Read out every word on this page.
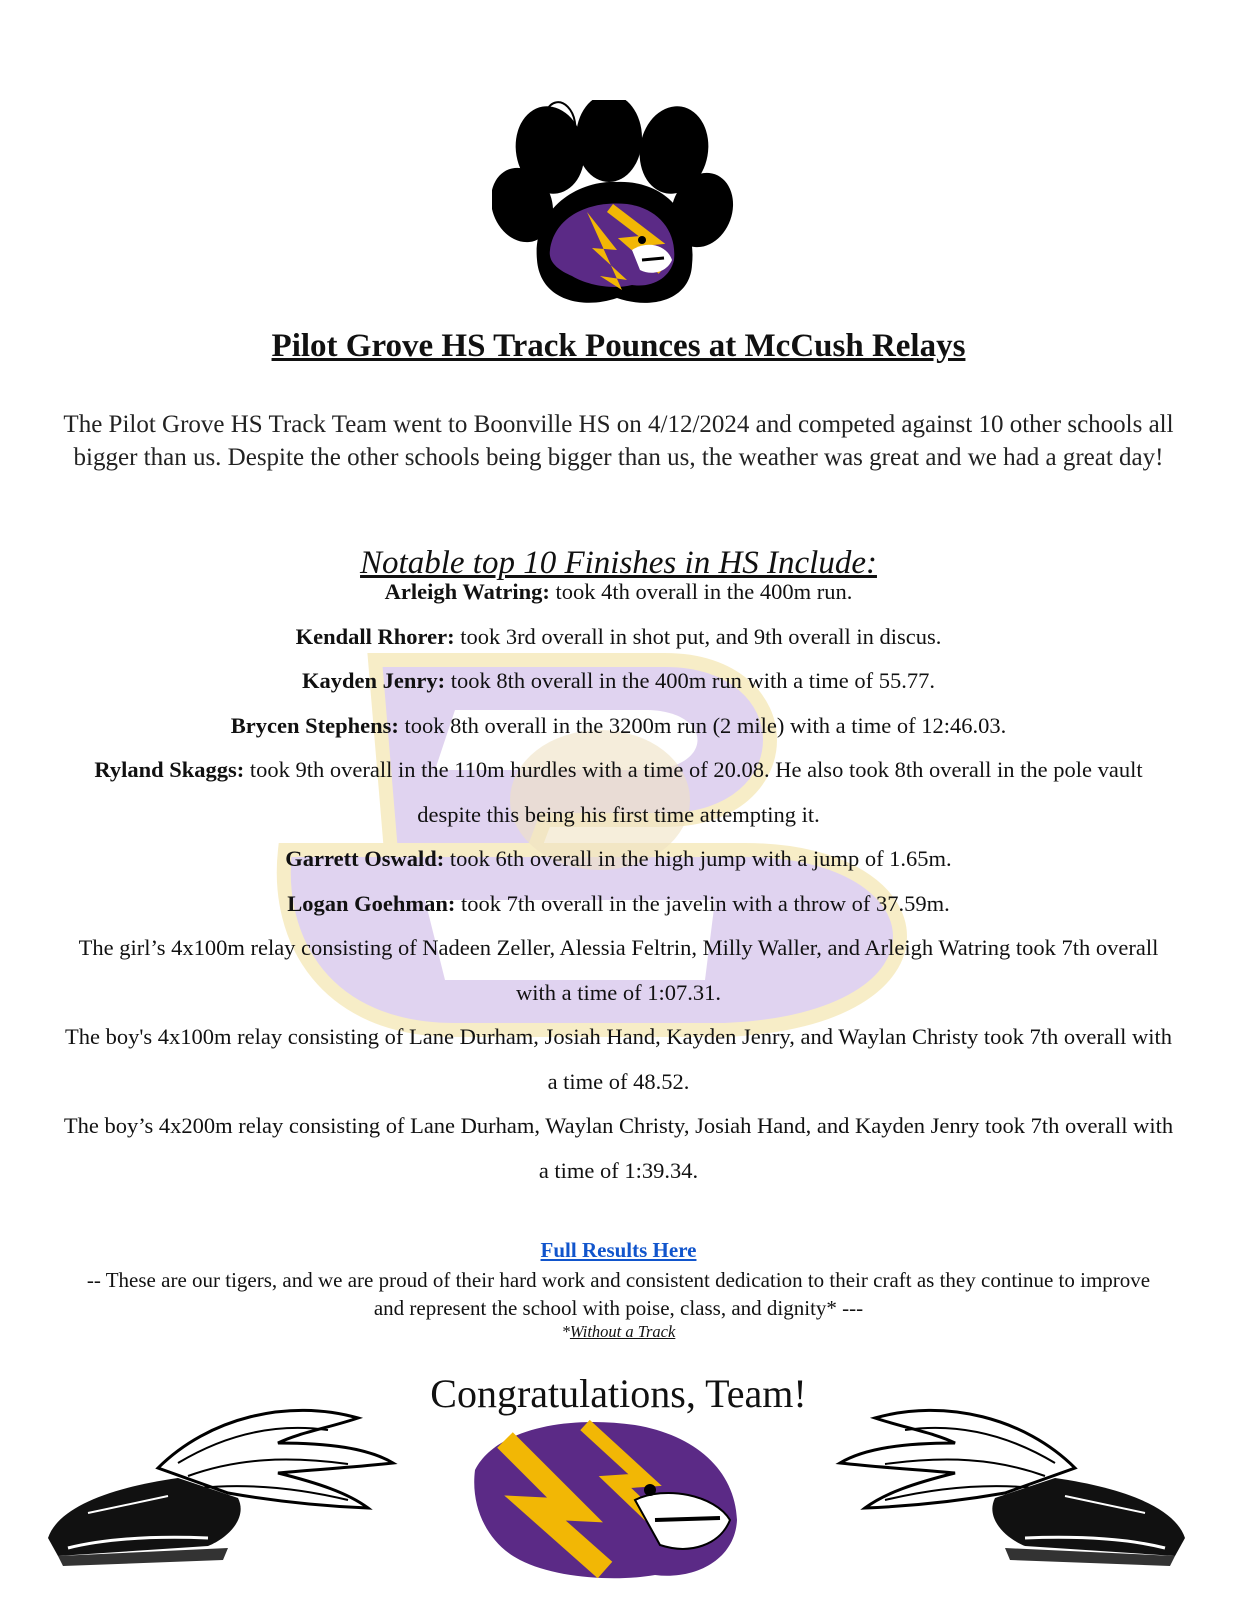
Pilot Grove HS Track Pounces at McCush Relays
The Pilot Grove HS Track Team went to Boonville HS on 4/12/2024 and competed against 10 other schools all bigger than us. Despite the other schools being bigger than us, the weather was great and we had a great day!
Notable top 10 Finishes in HS Include:

Arleigh Watring: took 4th overall in the 400m run.

Kendall Rhorer: took 3rd overall in shot put, and 9th overall in discus.

Kayden Jenry: took 8th overall in the 400m run with a time of 55.77.

Brycen Stephens: took 8th overall in the 3200m run (2 mile) with a time of 12:46.03.

Ryland Skaggs: took 9th overall in the 110m hurdles with a time of 20.08. He also took 8th overall in the pole vault despite this being his first time attempting it.

Garrett Oswald: took 6th overall in the high jump with a jump of 1.65m.

Logan Goehman: took 7th overall in the javelin with a throw of 37.59m.

The girl’s 4x100m relay consisting of Nadeen Zeller, Alessia Feltrin, Milly Waller, and Arleigh Watring took 7th overall with a time of 1:07.31.

The boy's 4x100m relay consisting of Lane Durham, Josiah Hand, Kayden Jenry, and Waylan Christy took 7th overall with a time of 48.52.

The boy’s 4x200m relay consisting of Lane Durham, Waylan Christy, Josiah Hand, and Kayden Jenry took 7th overall with a time of 1:39.34.

Full Results Here
-- These are our tigers, and we are proud of their hard work and consistent dedication to their craft as they continue to improve and represent the school with poise, class, and dignity* ---
*Without a Track
Congratulations, Team!
